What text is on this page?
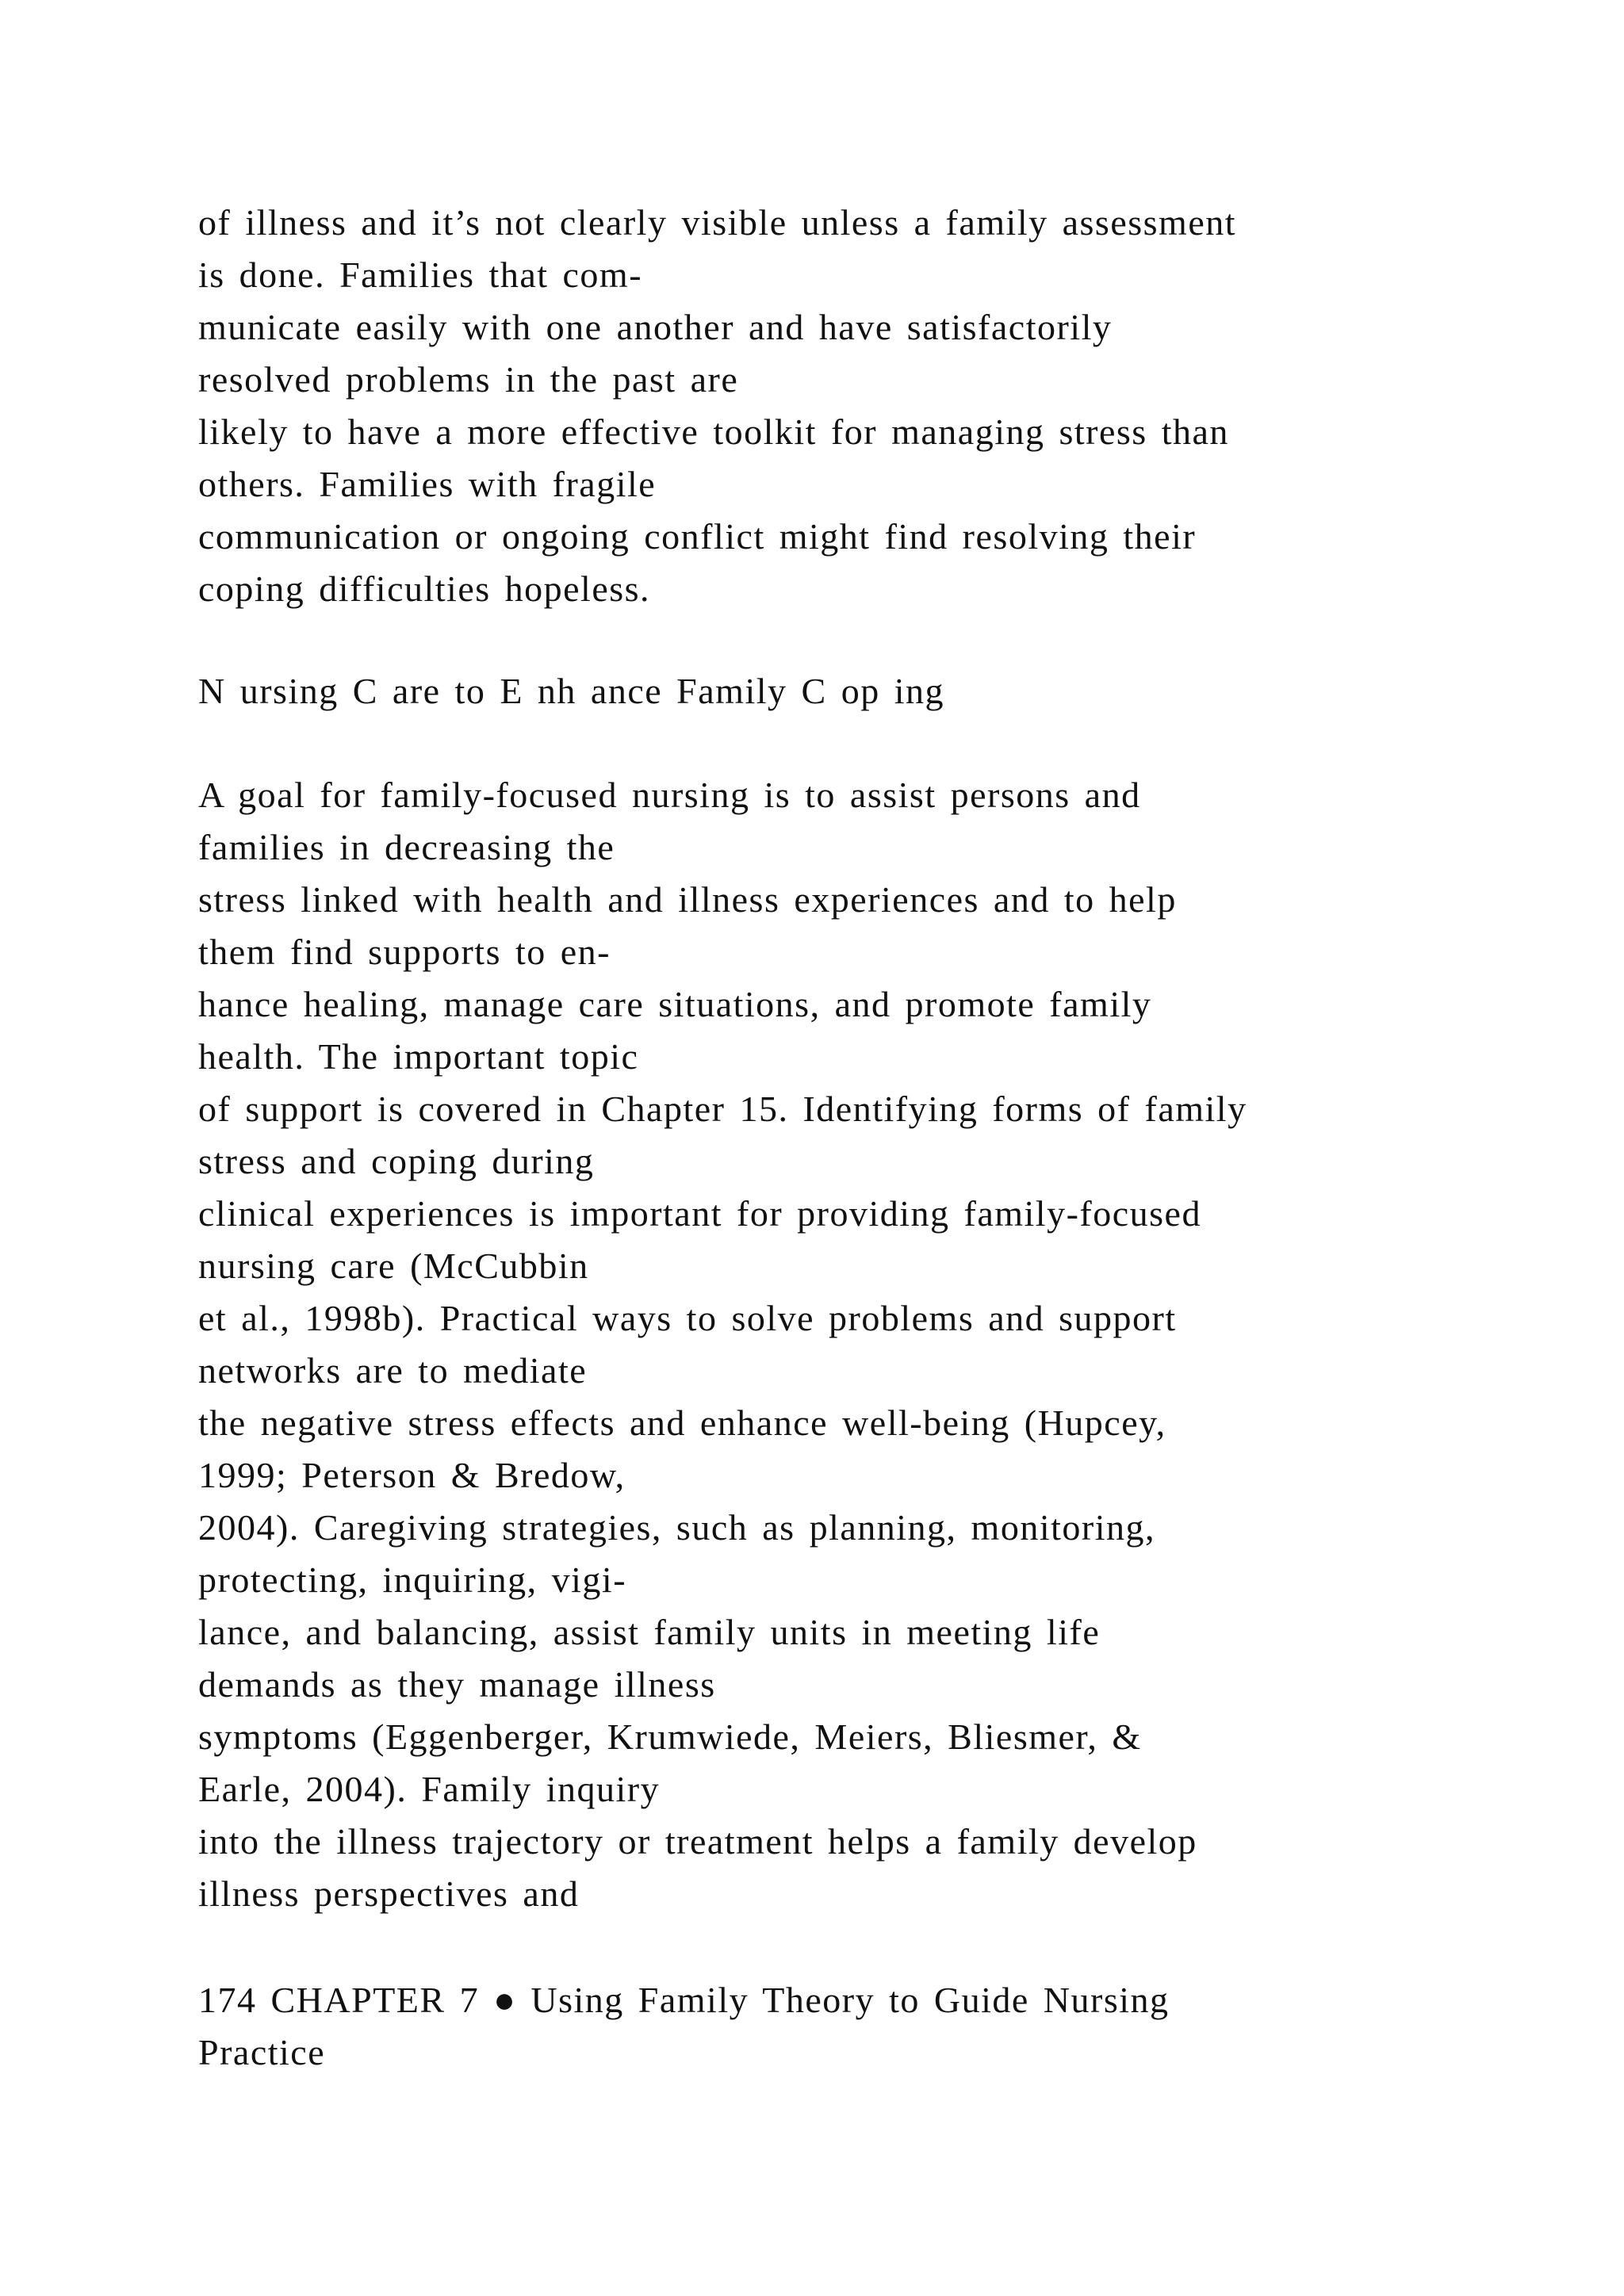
of illness and it’s not clearly visible unless a family assessment
is done. Families that com-
municate easily with one another and have satisfactorily
resolved problems in the past are
likely to have a more effective toolkit for managing stress than
others. Families with fragile
communication or ongoing conflict might find resolving their
coping difficulties hopeless.
N ursing C are to E nh ance Family C op ing
A goal for family-focused nursing is to assist persons and
families in decreasing the
stress linked with health and illness experiences and to help
them find supports to en-
hance healing, manage care situations, and promote family
health. The important topic
of support is covered in Chapter 15. Identifying forms of family
stress and coping during
clinical experiences is important for providing family-focused
nursing care (McCubbin
et al., 1998b). Practical ways to solve problems and support
networks are to mediate
the negative stress effects and enhance well-being (Hupcey,
1999; Peterson & Bredow,
2004). Caregiving strategies, such as planning, monitoring,
protecting, inquiring, vigi-
lance, and balancing, assist family units in meeting life
demands as they manage illness
symptoms (Eggenberger, Krumwiede, Meiers, Bliesmer, &
Earle, 2004). Family inquiry
into the illness trajectory or treatment helps a family develop
illness perspectives and
174 CHAPTER 7 ● Using Family Theory to Guide Nursing
Practice
